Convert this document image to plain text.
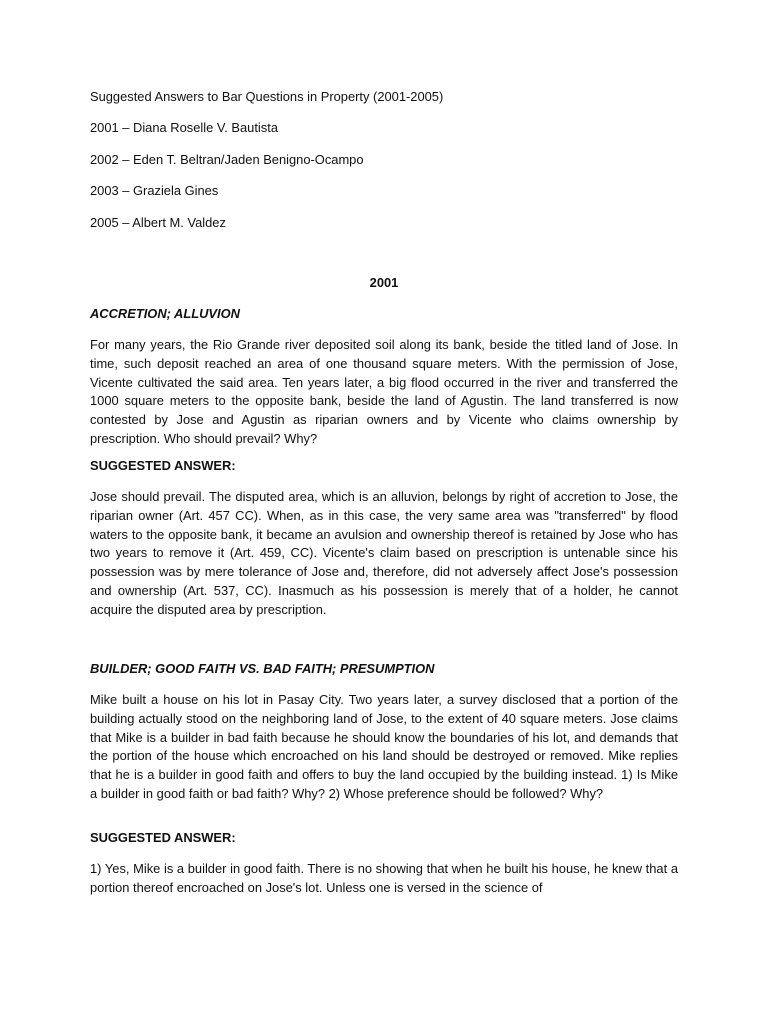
Suggested Answers to Bar Questions in Property (2001-2005)

2001 – Diana Roselle V. Bautista

2002 – Eden T. Beltran/Jaden Benigno-Ocampo

2003 – Graziela Gines

2005 – Albert M. Valdez

2001

ACCRETION; ALLUVION

For many years, the Rio Grande river deposited soil along its bank, beside the titled land of Jose. In time, such deposit reached an area of one thousand square meters. With the permission of Jose, Vicente cultivated the said area. Ten years later, a big flood occurred in the river and transferred the 1000 square meters to the opposite bank, beside the land of Agustin. The land transferred is now contested by Jose and Agustin as riparian owners and by Vicente who claims ownership by prescription. Who should prevail? Why?

SUGGESTED ANSWER:

Jose should prevail. The disputed area, which is an alluvion, belongs by right of accretion to Jose, the riparian owner (Art. 457 CC). When, as in this case, the very same area was "transferred" by flood waters to the opposite bank, it became an avulsion and ownership thereof is retained by Jose who has two years to remove it (Art. 459, CC). Vicente's claim based on prescription is untenable since his possession was by mere tolerance of Jose and, therefore, did not adversely affect Jose's possession and ownership (Art. 537, CC). Inasmuch as his possession is merely that of a holder, he cannot acquire the disputed area by prescription.

BUILDER; GOOD FAITH VS. BAD FAITH; PRESUMPTION

Mike built a house on his lot in Pasay City. Two years later, a survey disclosed that a portion of the building actually stood on the neighboring land of Jose, to the extent of 40 square meters. Jose claims that Mike is a builder in bad faith because he should know the boundaries of his lot, and demands that the portion of the house which encroached on his land should be destroyed or removed. Mike replies that he is a builder in good faith and offers to buy the land occupied by the building instead. 1) Is Mike a builder in good faith or bad faith? Why? 2) Whose preference should be followed? Why?

SUGGESTED ANSWER:

1) Yes, Mike is a builder in good faith. There is no showing that when he built his house, he knew that a portion thereof encroached on Jose's lot. Unless one is versed in the science of
